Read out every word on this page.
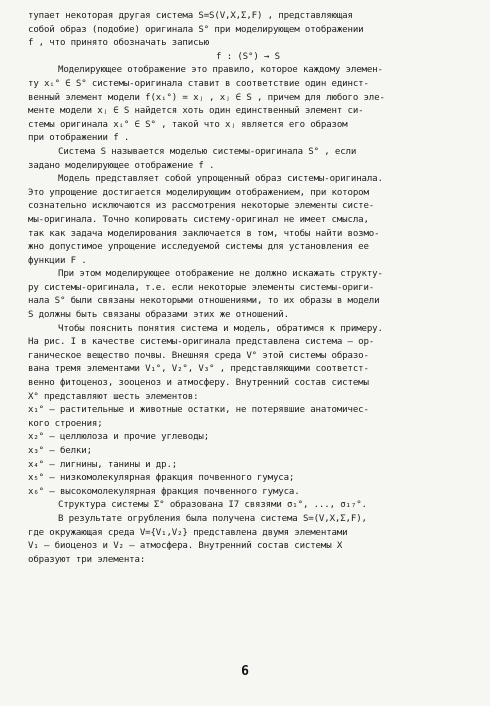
тупает некоторая другая система S=S(V,X,Σ,F) , представляющая
собой образ (подобие) оригинала S° при моделирующем отображении
f , что принято обозначать записью
f : (S°) → S
Моделирующее отображение это правило, которое каждому элемен-
ту xᵢ° ∈ S° системы-оригинала ставит в соответствие один единст-
венный элемент модели f(xᵢ°) = xⱼ , xⱼ ∈ S , причем для любого эле-
менте модели xⱼ ∈ S найдется хоть один единственный элемент си-
стемы оригинала xᵢ° ∈ S° , такой что xⱼ является его образом
при отображении f .
Система S называется моделью системы-оригинала S° , если
задано моделирующее отображение f .
Модель представляет собой упрощенный образ системы-оригинала.
Это упрощение достигается моделирующим отображением, при котором
сознательно исключаются из рассмотрения некоторые элементы систе-
мы-оригинала. Точно копировать систему-оригинал не имеет смысла,
так как задача моделирования заключается в том, чтобы найти возмо-
жно допустимое упрощение исследуемой системы для установления ее
функции F .
При этом моделирующее отображение не должно искажать структу-
ру системы-оригинала, т.е. если некоторые элементы системы-ориги-
нала S° были связаны некоторыми отношениями, то их образы в модели
S должны быть связаны образами этих же отношений.
Чтобы пояснить понятия система и модель, обратимся к примеру.
На рис. I в качестве системы-оригинала представлена система – ор-
ганическое вещество почвы. Внешняя среда V° этой системы образо-
вана тремя элементами V₁°, V₂°, V₃° , представляющими соответст-
венно фитоценоз, зооценоз и атмосферу. Внутренний состав системы
X° представляют шесть элементов:
x₁° – растительные и животные остатки, не потерявшие анатомичес-
кого строения;
x₂° – целлюлоза и прочие углеводы;
x₃° – белки;
x₄° – лигнины, танины и др.;
x₅° – низкомолекулярная фракция почвенного гумуса;
x₆° – высокомолекулярная фракция почвенного гумуса.
Структура системы Σ° образована I7 связями σ₁°, ..., σ₁₇°.
В результате огрубления была получена система S=(V,X,Σ,F),
где окружающая среда V={V₁,V₂} представлена двумя элементами
V₁ – биоценоз и V₂ – атмосфера. Внутренний состав системы X
образуют три элемента:
6
